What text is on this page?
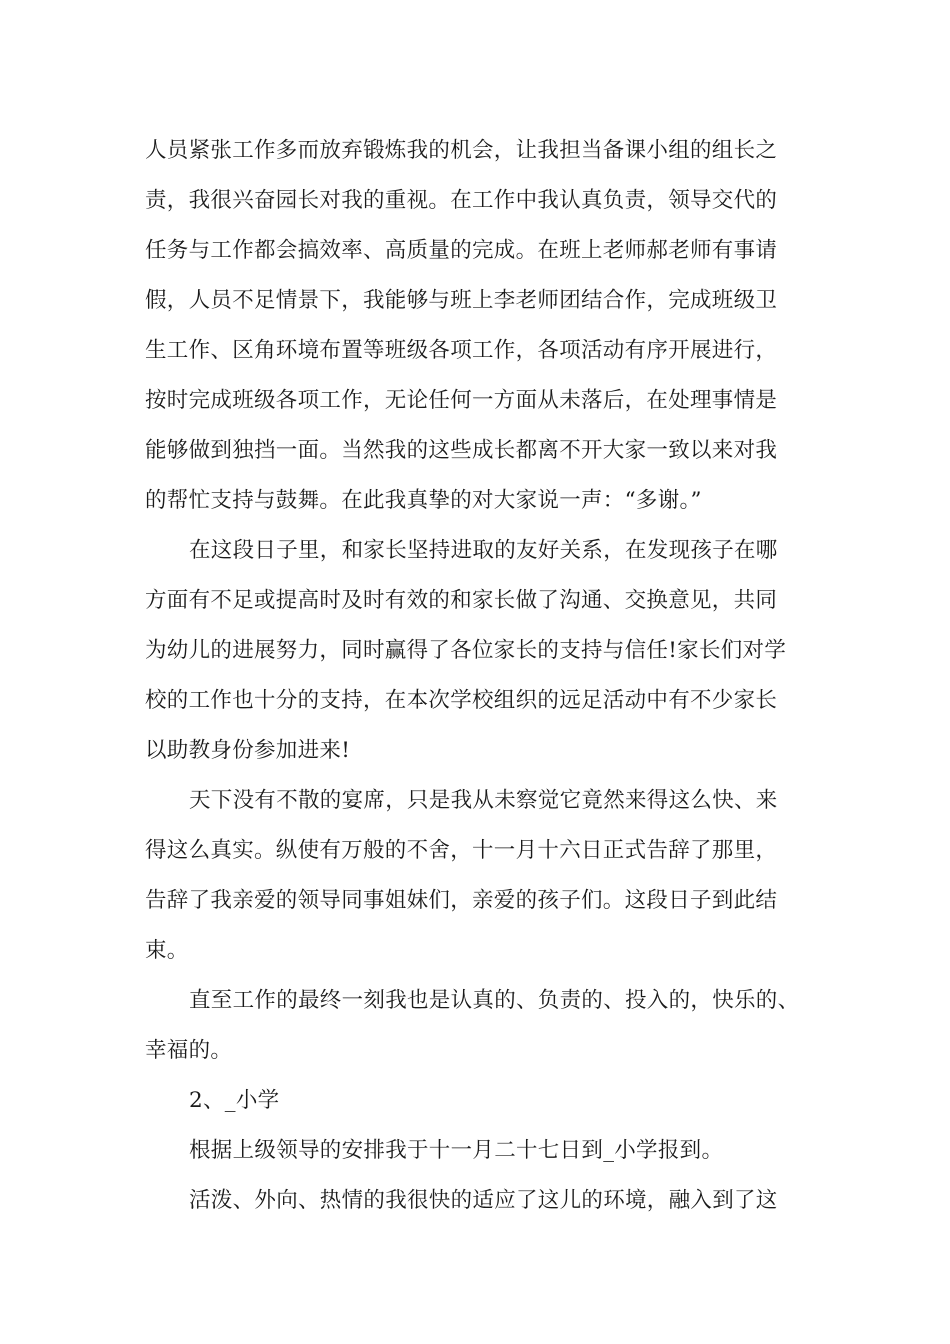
人员紧张工作多而放弃锻炼我的机会，让我担当备课小组的组长之
责，我很兴奋园长对我的重视。在工作中我认真负责，领导交代的
任务与工作都会搞效率、高质量的完成。在班上老师郝老师有事请
假，人员不足情景下，我能够与班上李老师团结合作，完成班级卫
生工作、区角环境布置等班级各项工作，各项活动有序开展进行，
按时完成班级各项工作，无论任何一方面从未落后，在处理事情是
能够做到独挡一面。当然我的这些成长都离不开大家一致以来对我
的帮忙支持与鼓舞。在此我真挚的对大家说一声：“多谢。”

在这段日子里，和家长坚持进取的友好关系，在发现孩子在哪
方面有不足或提高时及时有效的和家长做了沟通、交换意见，共同
为幼儿的进展努力，同时赢得了各位家长的支持与信任!家长们对学
校的工作也十分的支持，在本次学校组织的远足活动中有不少家长
以助教身份参加进来!

天下没有不散的宴席，只是我从未察觉它竟然来得这么快、来
得这么真实。纵使有万般的不舍，十一月十六日正式告辞了那里，
告辞了我亲爱的领导同事姐妹们，亲爱的孩子们。这段日子到此结
束。

直至工作的最终一刻我也是认真的、负责的、投入的，快乐的、
幸福的。

2、_小学

根据上级领导的安排我于十一月二十七日到_小学报到。

活泼、外向、热情的我很快的适应了这儿的环境，融入到了这
